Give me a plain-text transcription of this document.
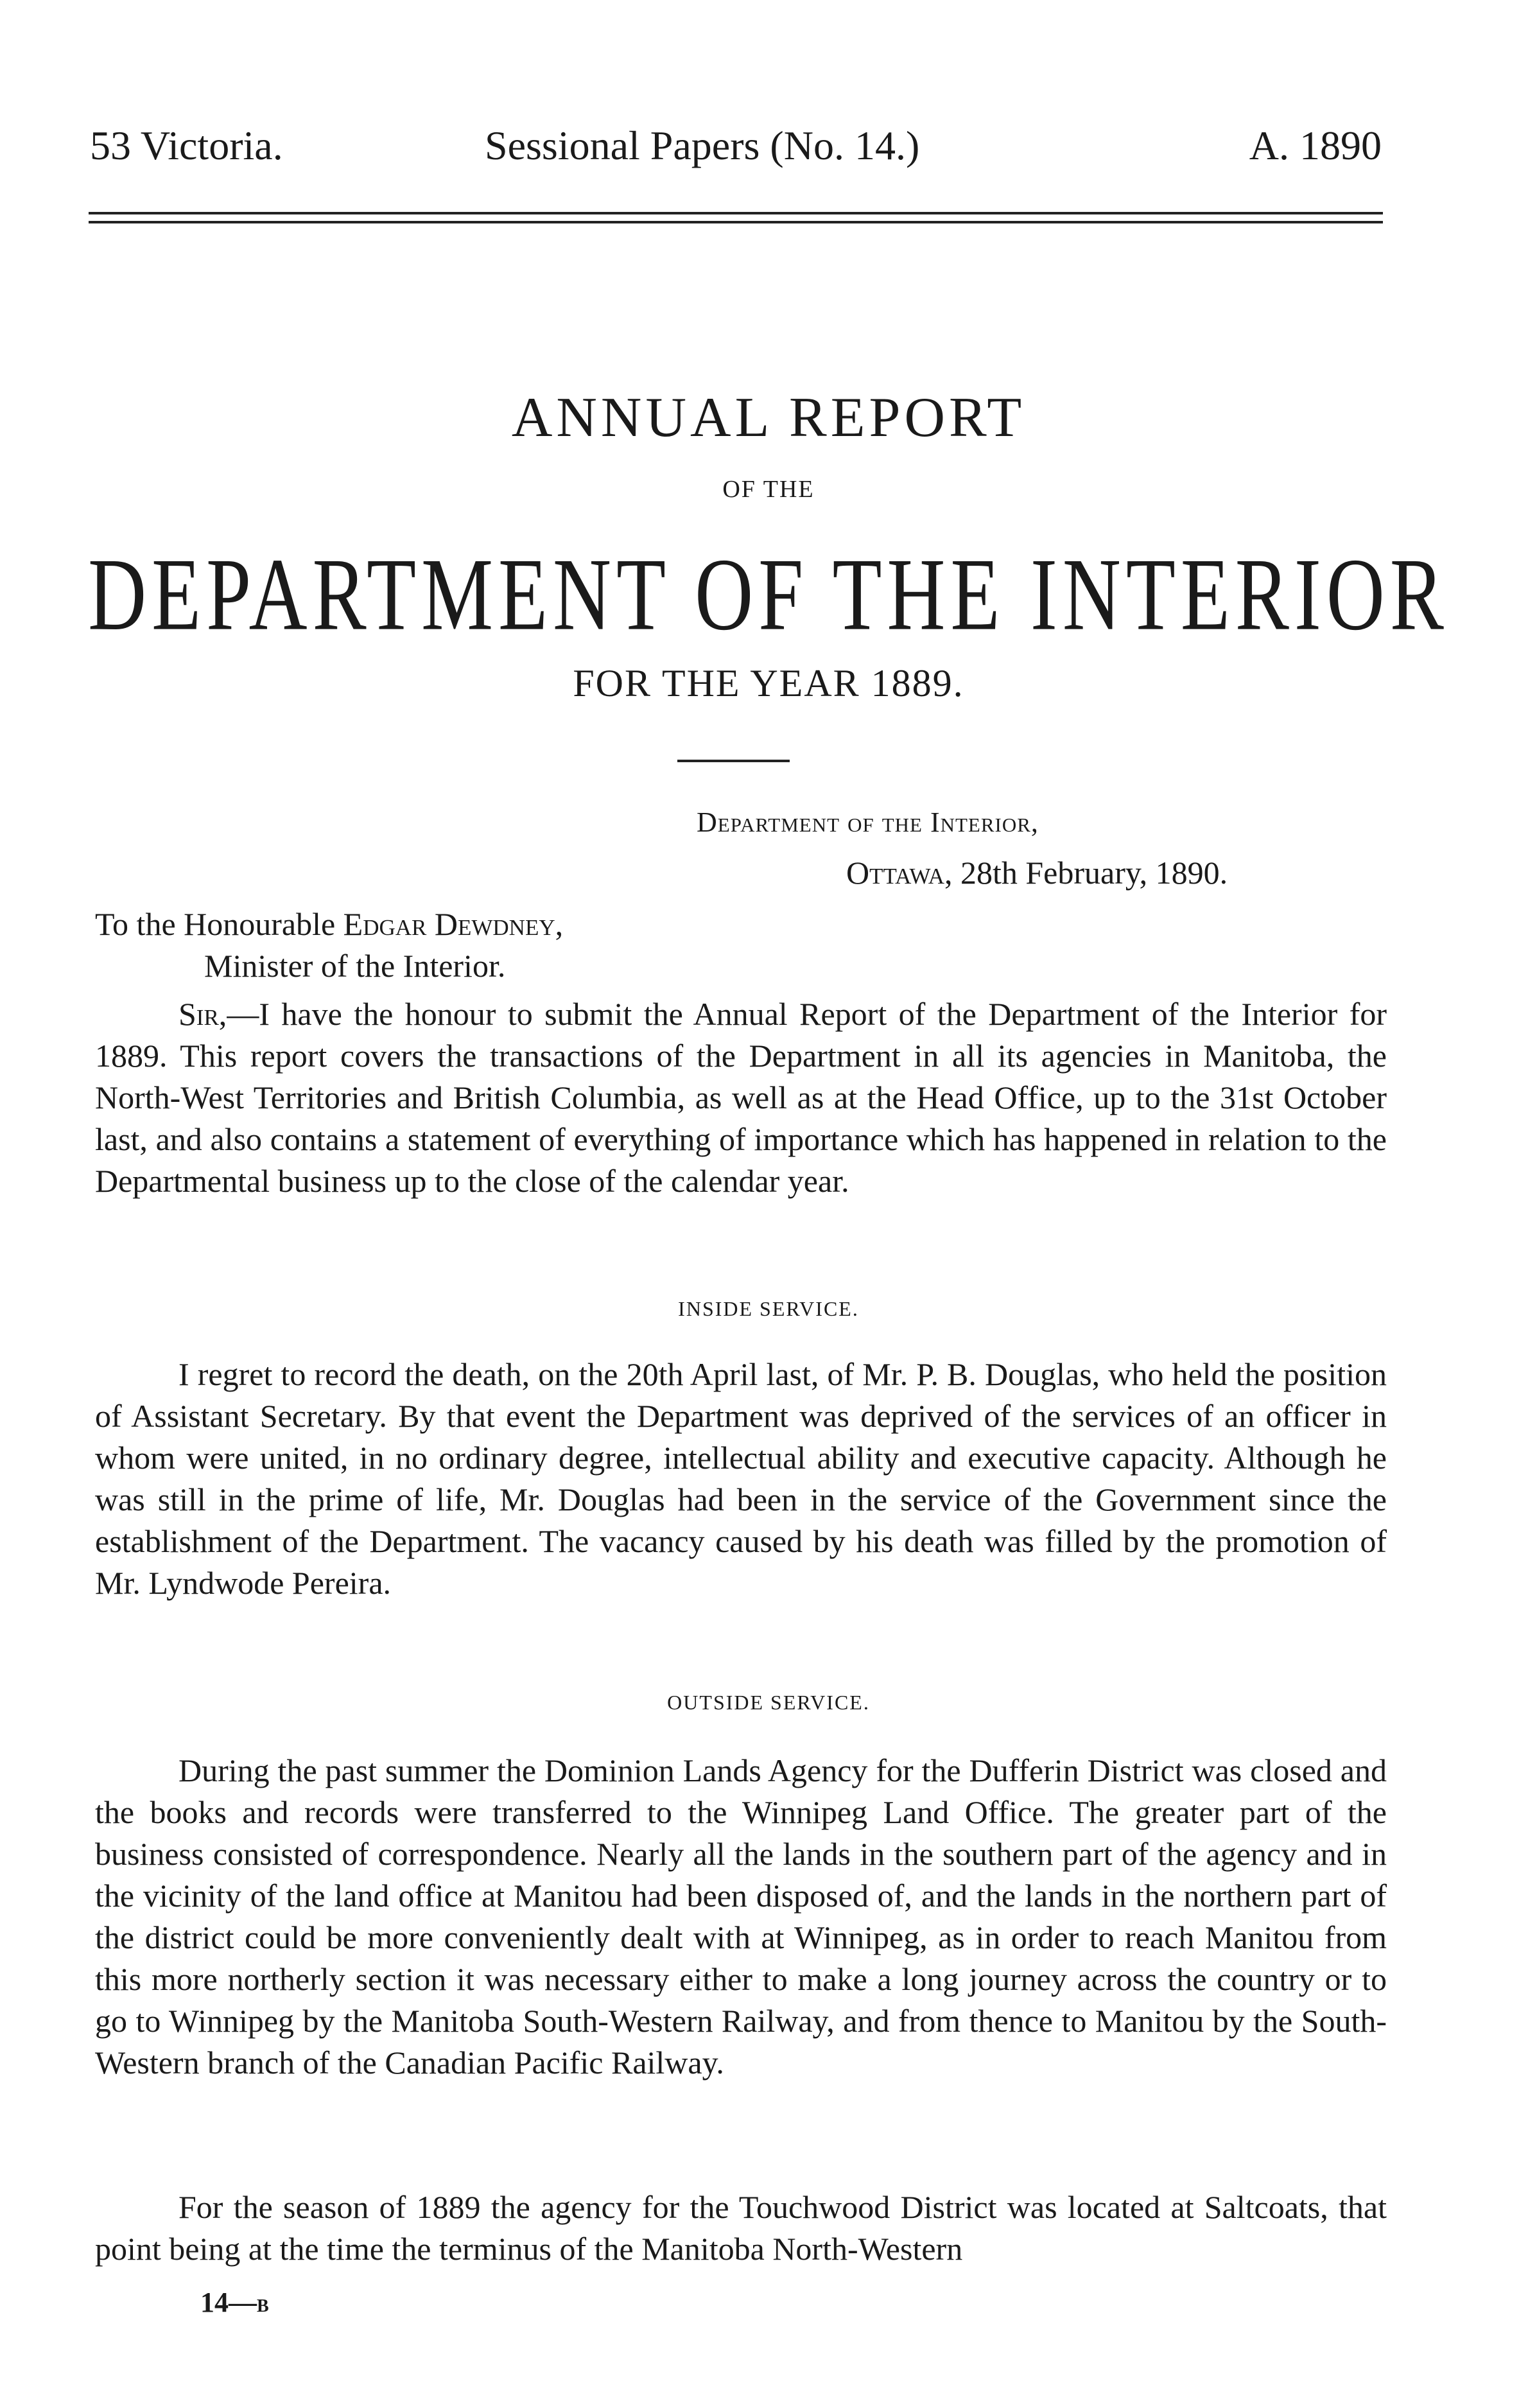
53 Victoria.	Sessional Papers (No. 14.)	A. 1890
ANNUAL REPORT
OF THE
DEPARTMENT OF THE INTERIOR
FOR THE YEAR 1889.
Department of the Interior,
Ottawa, 28th February, 1890.
To the Honourable Edgar Dewdney,
Minister of the Interior.

Sir,—I have the honour to submit the Annual Report of the Department of the Interior for 1889. This report covers the transactions of the Department in all its agencies in Manitoba, the North-West Territories and British Columbia, as well as at the Head Office, up to the 31st October last, and also contains a statement of everything of importance which has happened in relation to the Departmental business up to the close of the calendar year.

INSIDE SERVICE.

I regret to record the death, on the 20th April last, of Mr. P. B. Douglas, who held the position of Assistant Secretary. By that event the Department was deprived of the services of an officer in whom were united, in no ordinary degree, intellectual ability and executive capacity. Although he was still in the prime of life, Mr. Douglas had been in the service of the Government since the establishment of the Department. The vacancy caused by his death was filled by the promotion of Mr. Lyndwode Pereira.

OUTSIDE SERVICE.

During the past summer the Dominion Lands Agency for the Dufferin District was closed and the books and records were transferred to the Winnipeg Land Office. The greater part of the business consisted of correspondence. Nearly all the lands in the southern part of the agency and in the vicinity of the land office at Manitou had been disposed of, and the lands in the northern part of the district could be more conveniently dealt with at Winnipeg, as in order to reach Manitou from this more northerly section it was necessary either to make a long journey across the country or to go to Winnipeg by the Manitoba South-Western Railway, and from thence to Manitou by the South-Western branch of the Canadian Pacific Railway.

For the season of 1889 the agency for the Touchwood District was located at Saltcoats, that point being at the time the terminus of the Manitoba North-Western

14—B
